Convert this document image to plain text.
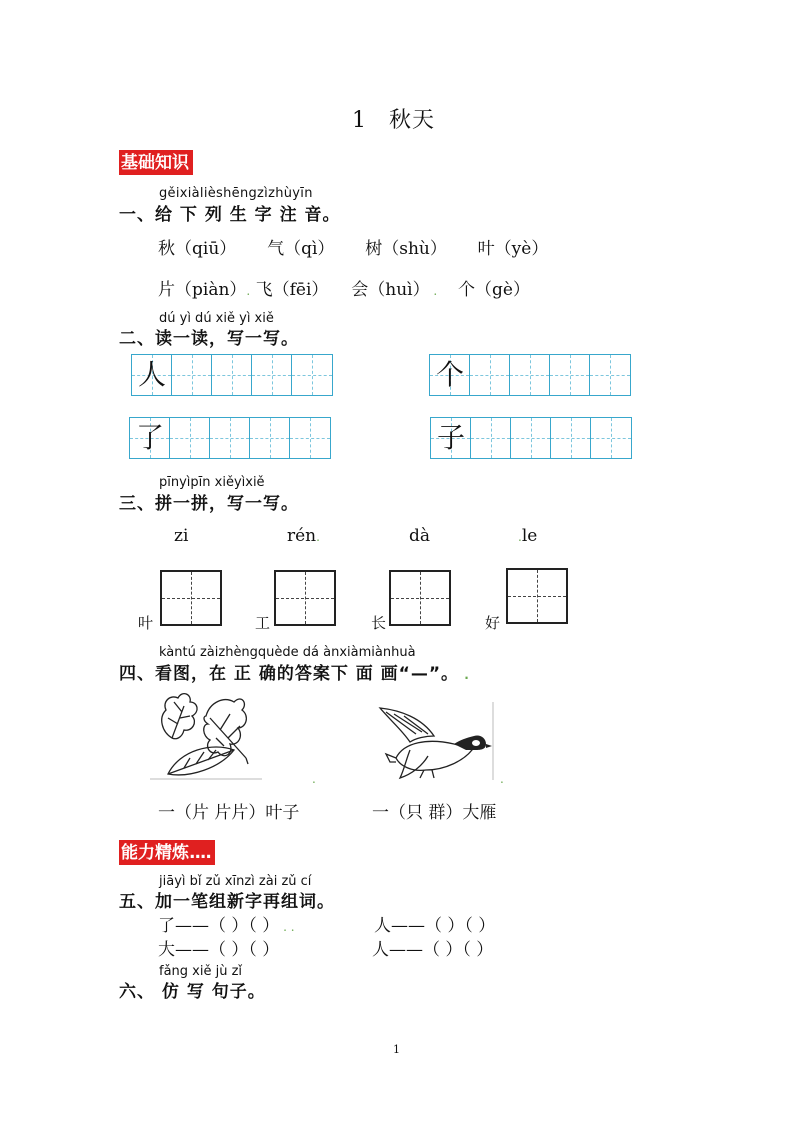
1 秋天
基础知识
gěixiàlièshēngzìzhùyīn
一、给 下 列 生 字 注 音。
秋（qiū） 气（qì） 树（shù） 叶（yè）
片（piàn）. 飞（fēi） 会（huì） . 个（gè）
dú yì dú xiě yì xiě
二、读一读，写一写。
人	个
了	子
pīnyìpīn xiěyìxiě
三、拼一拼，写一写。
zi	rén.	dà	.le
叶	工	长	好
kàntú zàizhèngquède dá ànxiàmiànhuà
四、看图，在 正 确的答案下 面 画“—”。 .
.	.
一（片 片片）叶子	一（只 群）大雁
能力精炼....
jiāyì bǐ zǔ xīnzì zài zǔ cí
五、加一笔组新字再组词。
了——（ ）（ ） . .	人——（ ）（ ）
大——（ ）（ ）	人——（ ）（ ）
fǎng xiě jù zǐ
六、 仿 写 句子。
1
